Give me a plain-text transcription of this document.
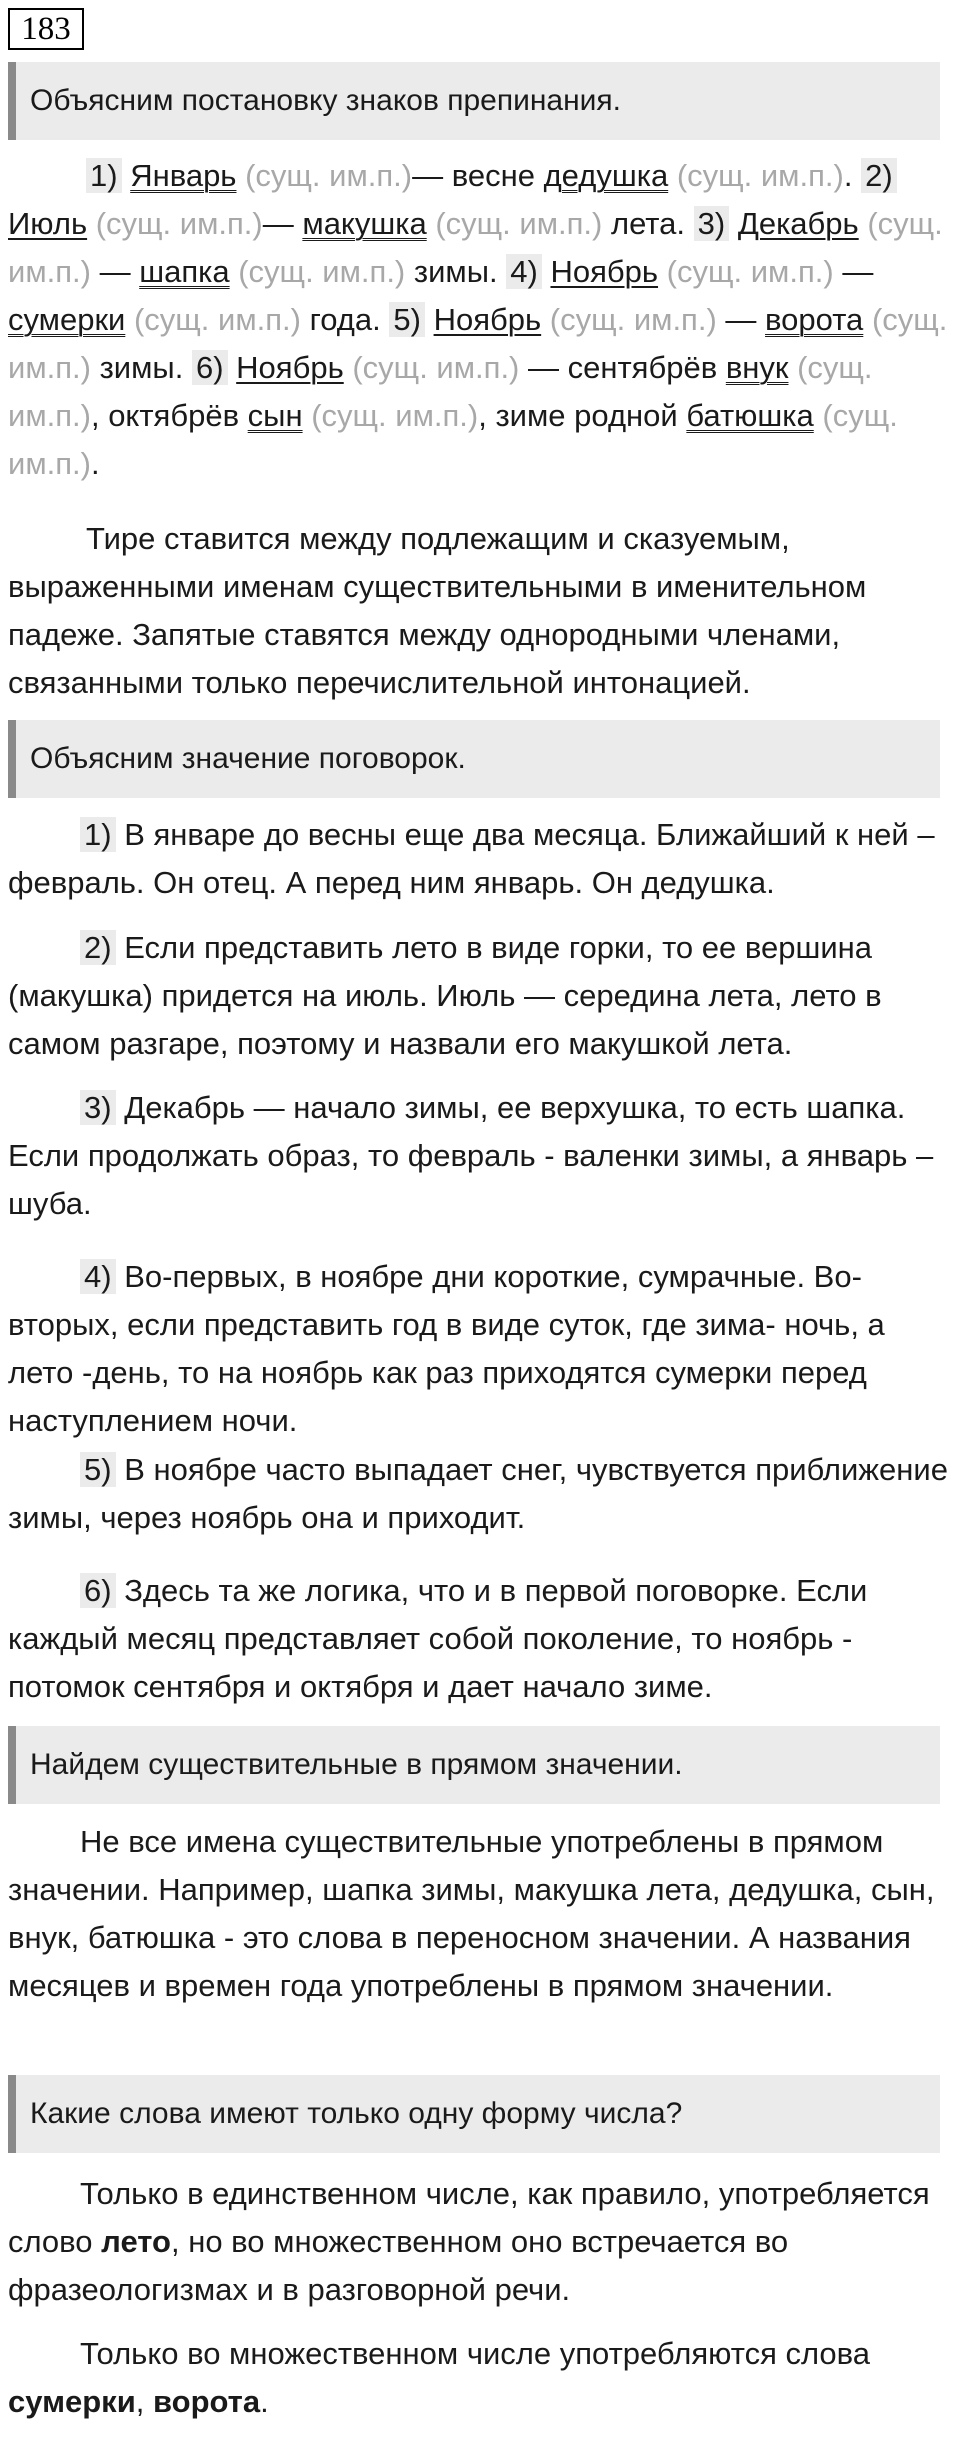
183
Объясним постановку знаков препинания.

1) Январь (сущ. им.п.)— весне дедушка (сущ. им.п.). 2) Июль (сущ. им.п.)— макушка (сущ. им.п.) лета. 3) Декабрь (сущ. им.п.) — шапка (сущ. им.п.) зимы. 4) Ноябрь (сущ. им.п.) — сумерки (сущ. им.п.) года. 5) Ноябрь (сущ. им.п.) — ворота (сущ. им.п.) зимы. 6) Ноябрь (сущ. им.п.) — сентябрёв внук (сущ. им.п.), октябрёв сын (сущ. им.п.), зиме родной батюшка (сущ. им.п.).

Тире ставится между подлежащим и сказуемым, выраженными именам существительными в именительном падеже. Запятые ставятся между однородными членами, связанными только перечислительной интонацией.

Объясним значение поговорок.

1) В январе до весны еще два месяца. Ближайший к ней – февраль. Он отец. А перед ним январь. Он дедушка.

2) Если представить лето в виде горки, то ее вершина (макушка) придется на июль. Июль — середина лета, лето в самом разгаре, поэтому и назвали его макушкой лета.

3) Декабрь — начало зимы, ее верхушка, то есть шапка. Если продолжать образ, то февраль - валенки зимы, а январь – шуба.

4) Во-первых, в ноябре дни короткие, сумрачные. Во-вторых, если представить год в виде суток, где зима- ночь, а лето -день, то на ноябрь как раз приходятся сумерки перед наступлением ночи.

5) В ноябре часто выпадает снег, чувствуется приближение зимы, через ноябрь она и приходит.

6) Здесь та же логика, что и в первой поговорке. Если каждый месяц представляет собой поколение, то ноябрь - потомок сентября и октября и дает начало зиме.

Найдем существительные в прямом значении.

Не все имена существительные употреблены в прямом значении. Например, шапка зимы, макушка лета, дедушка, сын, внук, батюшка - это слова в переносном значении. А названия месяцев и времен года употреблены в прямом значении.

Какие слова имеют только одну форму числа?

Только в единственном числе, как правило, употребляется слово лето, но во множественном оно встречается во фразеологизмах и в разговорной речи.

Только во множественном числе употребляются слова сумерки, ворота.
